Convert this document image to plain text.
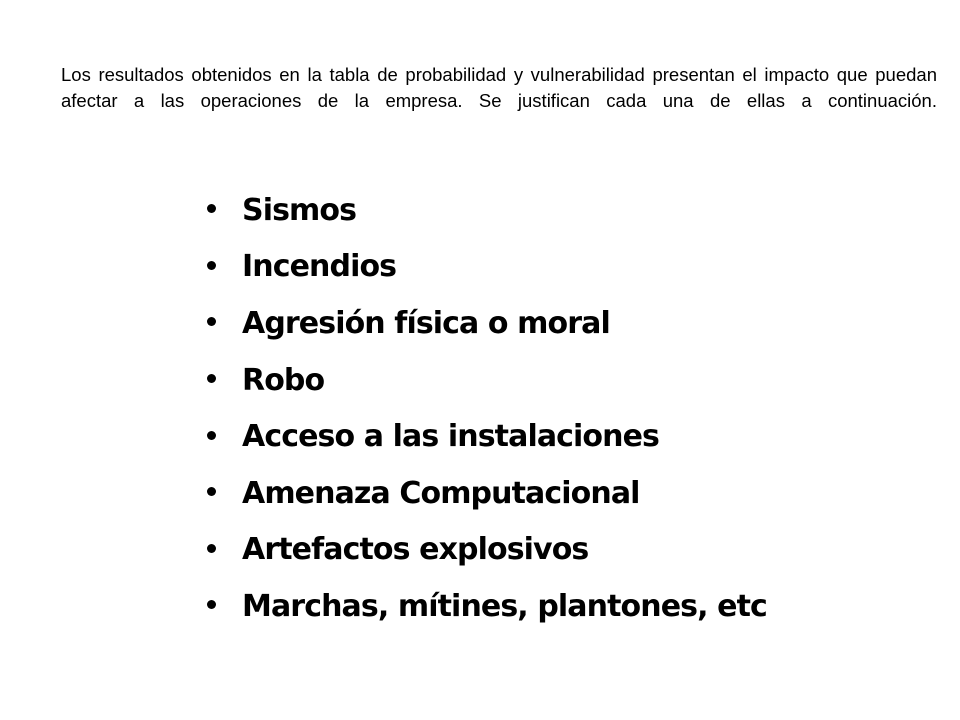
Los resultados obtenidos en la tabla de probabilidad y vulnerabilidad presentan el impacto que puedan afectar a las operaciones de la empresa. Se justifican cada una de ellas a continuación.

Sismos
Incendios
Agresión física o moral
Robo
Acceso a las instalaciones
Amenaza Computacional
Artefactos explosivos
Marchas, mítines, plantones, etc
